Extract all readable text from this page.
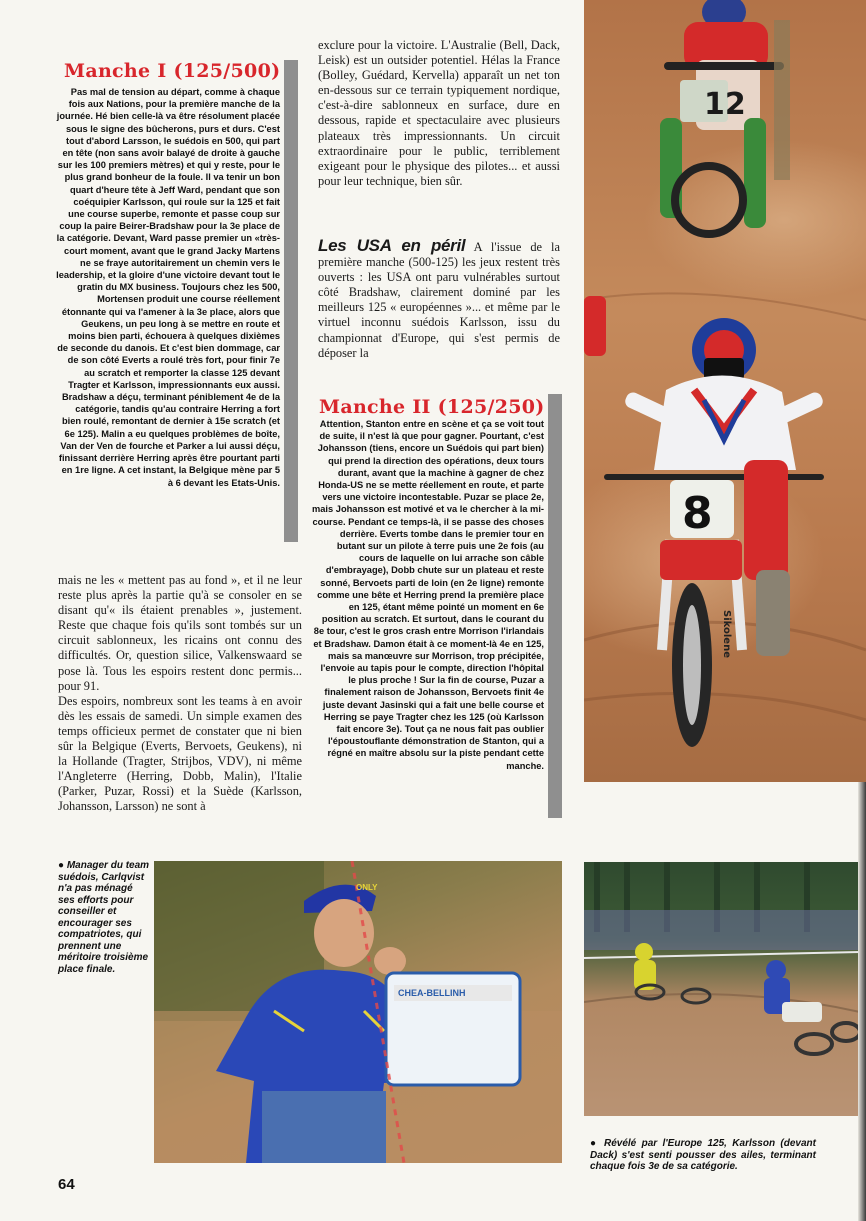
Manche I (125/500)
Pas mal de tension au départ, comme à chaque fois aux Nations, pour la première manche de la journée. Hé bien celle-là va être résolument placée sous le signe des bûcherons, purs et durs. C'est tout d'abord Larsson, le suédois en 500, qui part en tête (non sans avoir balayé de droite à gauche sur les 100 premiers mètres) et qui y reste, pour le plus grand bonheur de la foule. Il va tenir un bon quart d'heure tête à Jeff Ward, pendant que son coéquipier Karlsson, qui roule sur la 125 et fait une course superbe, remonte et passe coup sur coup la paire Beirer-Bradshaw pour la 3e place de la catégorie. Devant, Ward passe premier un «très-court moment, avant que le grand Jacky Martens ne se fraye autoritairement un chemin vers le leadership, et la gloire d'une victoire devant tout le gratin du MX business. Toujours chez les 500, Mortensen produit une course réellement étonnante qui va l'amener à la 3e place, alors que Geukens, un peu long à se mettre en route et moins bien parti, échouera à quelques dixièmes de seconde du danois. Et c'est bien dommage, car de son côté Everts a roulé très fort, pour finir 7e au scratch et remporter la classe 125 devant Tragter et Karlsson, impressionnants eux aussi. Bradshaw a déçu, terminant péniblement 4e de la catégorie, tandis qu'au contraire Herring a fort bien roulé, remontant de dernier à 15e scratch (et 6e 125). Malin a eu quelques problèmes de boîte, Van der Ven de fourche et Parker a lui aussi déçu, finissant derrière Herring après être pourtant parti en 1re ligne. A cet instant, la Belgique mène par 5 à 6 devant les Etats-Unis.

mais ne les « mettent pas au fond », et il ne leur reste plus après la partie qu'à se consoler en se disant qu'« ils étaient prenables », justement. Reste que chaque fois qu'ils sont tombés sur un circuit sablonneux, les ricains ont connu des difficultés. Or, question silice, Valkenswaard se pose là. Tous les espoirs restent donc permis... pour 91.

Des espoirs, nombreux sont les teams à en avoir dès les essais de samedi. Un simple examen des temps officieux permet de constater que ni bien sûr la Belgique (Everts, Bervoets, Geukens), ni la Hollande (Tragter, Strijbos, VDV), ni même l'Angleterre (Herring, Dobb, Malin), l'Italie (Parker, Puzar, Rossi) et la Suède (Karlsson, Johansson, Larsson) ne sont à

exclure pour la victoire. L'Australie (Bell, Dack, Leisk) est un outsider potentiel. Hélas la France (Bolley, Guédard, Kervella) apparaît un net ton en-dessous sur ce terrain typiquement nordique, c'est-à-dire sablonneux en surface, dure en dessous, rapide et spectaculaire avec plusieurs plateaux très impressionnants. Un circuit extraordinaire pour le public, terriblement exigeant pour le physique des pilotes... et aussi pour leur technique, bien sûr.
Les USA en péril A l'issue de la première manche (500-125) les jeux restent très ouverts : les USA ont paru vulnérables surtout côté Bradshaw, clairement dominé par les meilleurs 125 « européennes »... et même par le virtuel inconnu suédois Karlsson, issu du championnat d'Europe, qui s'est permis de déposer la
Manche II (125/250)
Attention, Stanton entre en scène et ça se voit tout de suite, il n'est là que pour gagner. Pourtant, c'est Johansson (tiens, encore un Suédois qui part bien) qui prend la direction des opérations, deux tours durant, avant que la machine à gagner de chez Honda-US ne se mette réellement en route, et parte vers une victoire incontestable. Puzar se place 2e, mais Johansson est motivé et va le chercher à la mi-course. Pendant ce temps-là, il se passe des choses derrière. Everts tombe dans le premier tour en butant sur un pilote à terre puis une 2e fois (au cours de laquelle on lui arrache son câble d'embrayage), Dobb chute sur un plateau et reste sonné, Bervoets parti de loin (en 2e ligne) remonte comme une bête et Herring prend la première place en 125, étant même pointé un moment en 6e position au scratch. Et surtout, dans le courant du 8e tour, c'est le gros crash entre Morrison l'irlandais et Bradshaw. Damon était à ce moment-là 4e en 125, mais sa manœuvre sur Morrison, trop précipitée, l'envoie au tapis pour le compte, direction l'hôpital le plus proche ! Sur la fin de course, Puzar a finalement raison de Johansson, Bervoets finit 4e juste devant Jasinski qui a fait une belle course et Herring se paye Tragter chez les 125 (où Karlsson fait encore 3e). Tout ça ne nous fait pas oublier l'époustouflante démonstration de Stanton, qui a régné en maître absolu sur la piste pendant cette manche.
12
8
Sikolene
● Manager du team suédois, Carlqvist n'a pas ménagé ses efforts pour conseiller et encourager ses compatriotes, qui prennent une méritoire troisième place finale.
ONLY
CHEA-BELLINH
● Révélé par l'Europe 125, Karlsson (devant Dack) s'est senti pousser des ailes, terminant chaque fois 3e de sa catégorie.
64
